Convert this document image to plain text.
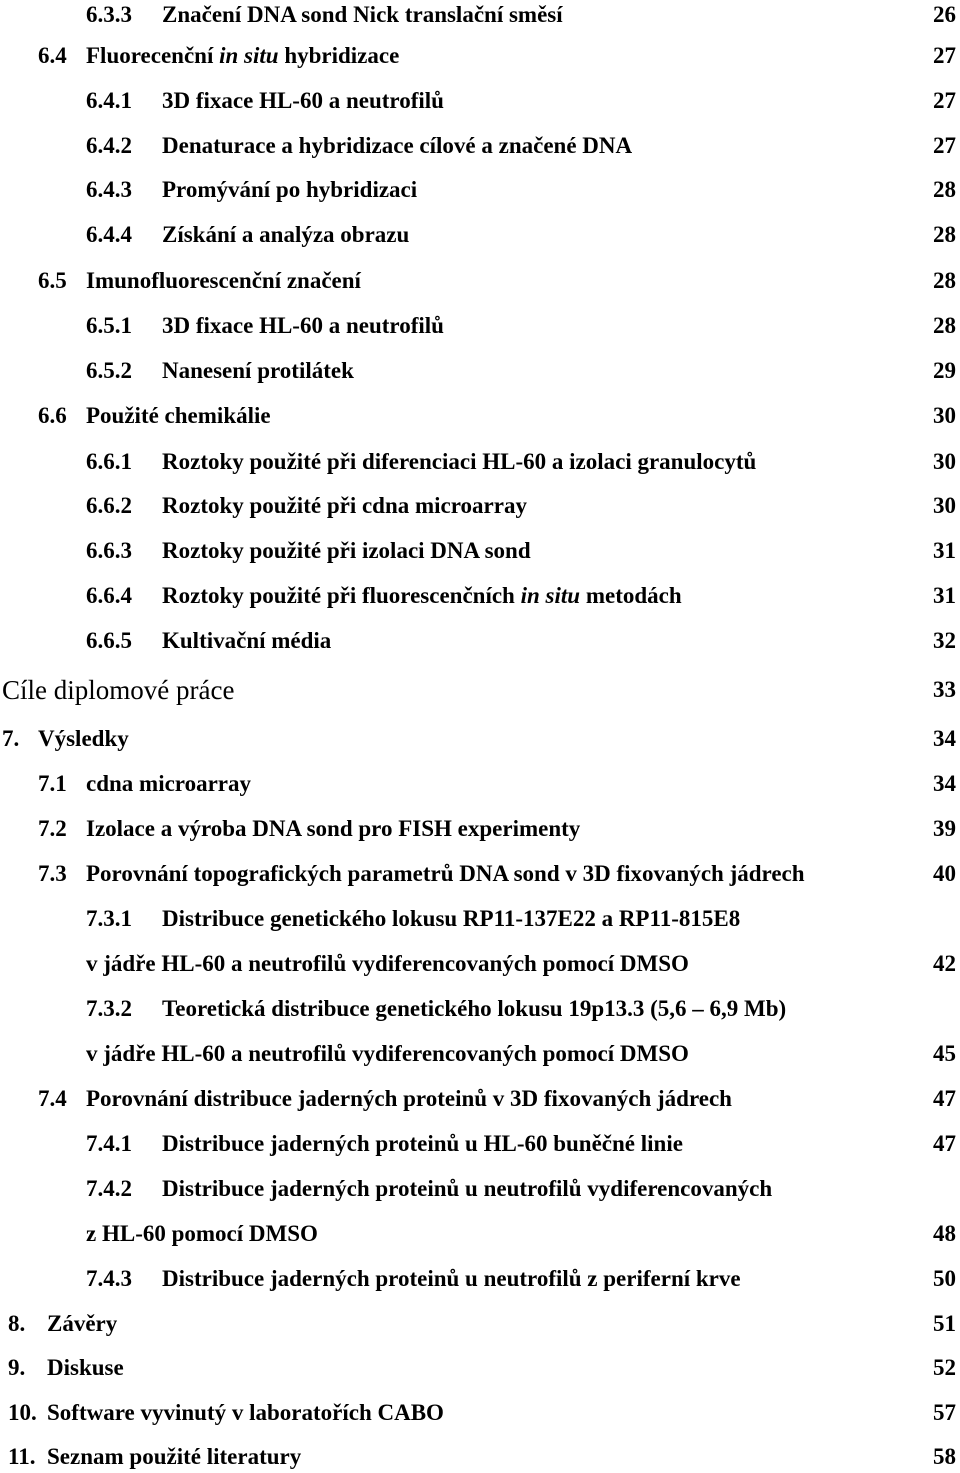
6.3.3 Značení DNA sond Nick translační směsí	26
6.4 Fluorecenční in situ hybridizace	27
6.4.1 3D fixace HL-60 a neutrofilů	27
6.4.2 Denaturace a hybridizace cílové a značené DNA	27
6.4.3 Promývání po hybridizaci	28
6.4.4 Získání a analýza obrazu	28
6.5 Imunofluorescenční značení	28
6.5.1 3D fixace HL-60 a neutrofilů	28
6.5.2 Nanesení protilátek	29
6.6 Použité chemikálie	30
6.6.1 Roztoky použité při diferenciaci HL-60 a izolaci granulocytů	30
6.6.2 Roztoky použité při cdna microarray	30
6.6.3 Roztoky použité při izolaci DNA sond	31
6.6.4 Roztoky použité při fluorescenčních in situ metodách	31
6.6.5 Kultivační média	32
Cíle diplomové práce	33
7. Výsledky	34
7.1 cdna microarray	34
7.2 Izolace a výroba DNA sond pro FISH experimenty	39
7.3 Porovnání topografických parametrů DNA sond v 3D fixovaných jádrech	40
7.3.1 Distribuce genetického lokusu RP11-137E22 a RP11-815E8
v jádře HL-60 a neutrofilů vydiferencovaných pomocí DMSO	42
7.3.2 Teoretická distribuce genetického lokusu 19p13.3 (5,6 – 6,9 Mb)
v jádře HL-60 a neutrofilů vydiferencovaných pomocí DMSO	45
7.4 Porovnání distribuce jaderných proteinů v 3D fixovaných jádrech	47
7.4.1 Distribuce jaderných proteinů u HL-60 buněčné linie	47
7.4.2 Distribuce jaderných proteinů u neutrofilů vydiferencovaných
z HL-60 pomocí DMSO	48
7.4.3 Distribuce jaderných proteinů u neutrofilů z periferní krve	50
8. Závěry	51
9. Diskuse	52
10. Software vyvinutý v laboratořích CABO	57
11. Seznam použité literatury	58
